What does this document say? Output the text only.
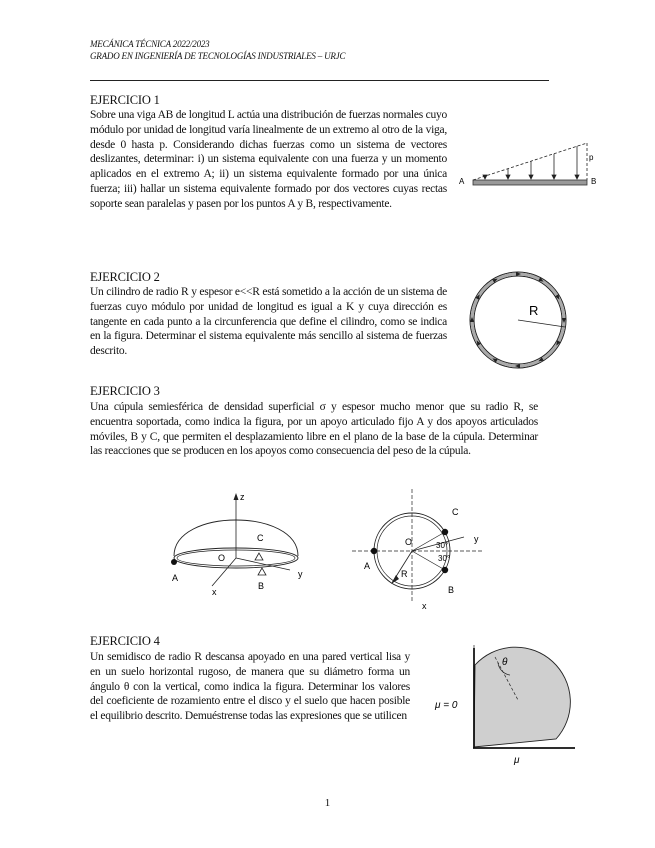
MECÁNICA TÉCNICA 2022/2023
GRADO EN INGENIERÍA DE TECNOLOGÍAS INDUSTRIALES – URJC
EJERCICIO 1
Sobre una viga AB de longitud L actúa una distribución de fuerzas normales cuyo módulo por unidad de longitud varía linealmente de un extremo al otro de la viga, desde 0 hasta p. Considerando dichas fuerzas como un sistema de vectores deslizantes, determinar: i) un sistema equivalente con una fuerza y un momento aplicados en el extremo A; ii) un sistema equivalente formado por una única fuerza; iii) hallar un sistema equivalente formado por dos vectores cuyas rectas soporte sean paralelas y pasen por los puntos A y B, respectivamente.
A	B
p
EJERCICIO 2
Un cilindro de radio R y espesor e<<R está sometido a la acción de un sistema de fuerzas cuyo módulo por unidad de longitud es igual a K y cuya dirección es tangente en cada punto a la circunferencia que define el cilindro, como se indica en la figura. Determinar el sistema equivalente más sencillo al sistema de fuerzas descrito.
R
EJERCICIO 3
Una cúpula semiesférica de densidad superficial σ y espesor mucho menor que su radio R, se encuentra soportada, como indica la figura, por un apoyo articulado fijo A y dos apoyos articulados móviles, B y C, que permiten el desplazamiento libre en el plano de la base de la cúpula. Determinar las reacciones que se producen en los apoyos como consecuencia del peso de la cúpula.
z
C
O
y
A
B
x
C
O	y
A
R
B
x
30°
30°
EJERCICIO 4
Un semidisco de radio R descansa apoyado en una pared vertical lisa y en un suelo horizontal rugoso, de manera que su diámetro forma un ángulo θ con la vertical, como indica la figura. Determinar los valores del coeficiente de rozamiento entre el disco y el suelo que hacen posible el equilibrio descrito. Demuéstrense todas las expresiones que se utilicen
θ
μ = 0
μ
1
